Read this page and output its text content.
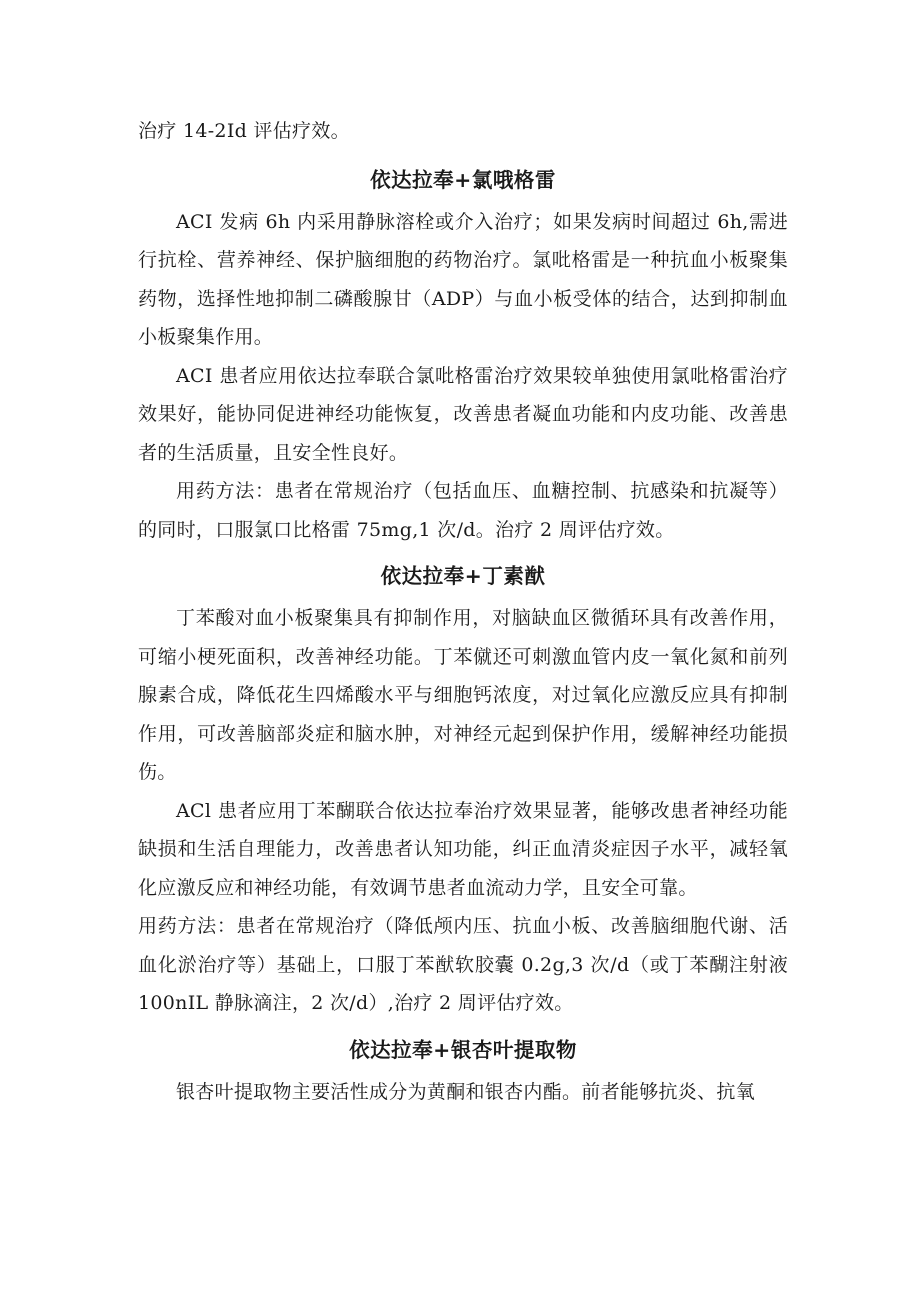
治疗 14-2Id 评估疗效。

依达拉奉+氯哦格雷

ACI 发病 6h 内采用静脉溶栓或介入治疗；如果发病时间超过 6h,需进行抗栓、营养神经、保护脑细胞的药物治疗。氯吡格雷是一种抗血小板聚集药物，选择性地抑制二磷酸腺甘（ADP）与血小板受体的结合，达到抑制血小板聚集作用。

ACI 患者应用依达拉奉联合氯吡格雷治疗效果较单独使用氯吡格雷治疗效果好，能协同促进神经功能恢复，改善患者凝血功能和内皮功能、改善患者的生活质量，且安全性良好。

用药方法：患者在常规治疗（包括血压、血糖控制、抗感染和抗凝等）的同时，口服氯口比格雷 75mg,1 次/d。治疗 2 周评估疗效。

依达拉奉+丁素猷

丁苯酸对血小板聚集具有抑制作用，对脑缺血区微循环具有改善作用，可缩小梗死面积，改善神经功能。丁苯僦还可刺激血管内皮一氧化氮和前列腺素合成，降低花生四烯酸水平与细胞钙浓度，对过氧化应激反应具有抑制作用，可改善脑部炎症和脑水肿，对神经元起到保护作用，缓解神经功能损伤。

ACl 患者应用丁苯醐联合依达拉奉治疗效果显著，能够改患者神经功能缺损和生活自理能力，改善患者认知功能，纠正血清炎症因子水平，减轻氧化应激反应和神经功能，有效调节患者血流动力学，且安全可靠。

用药方法：患者在常规治疗（降低颅内压、抗血小板、改善脑细胞代谢、活血化淤治疗等）基础上，口服丁苯猷软胶囊 0.2g,3 次/d（或丁苯醐注射液 100nIL 静脉滴注，2 次/d）,治疗 2 周评估疗效。

依达拉奉+银杏叶提取物

银杏叶提取物主要活性成分为黄酮和银杏内酯。前者能够抗炎、抗氧
